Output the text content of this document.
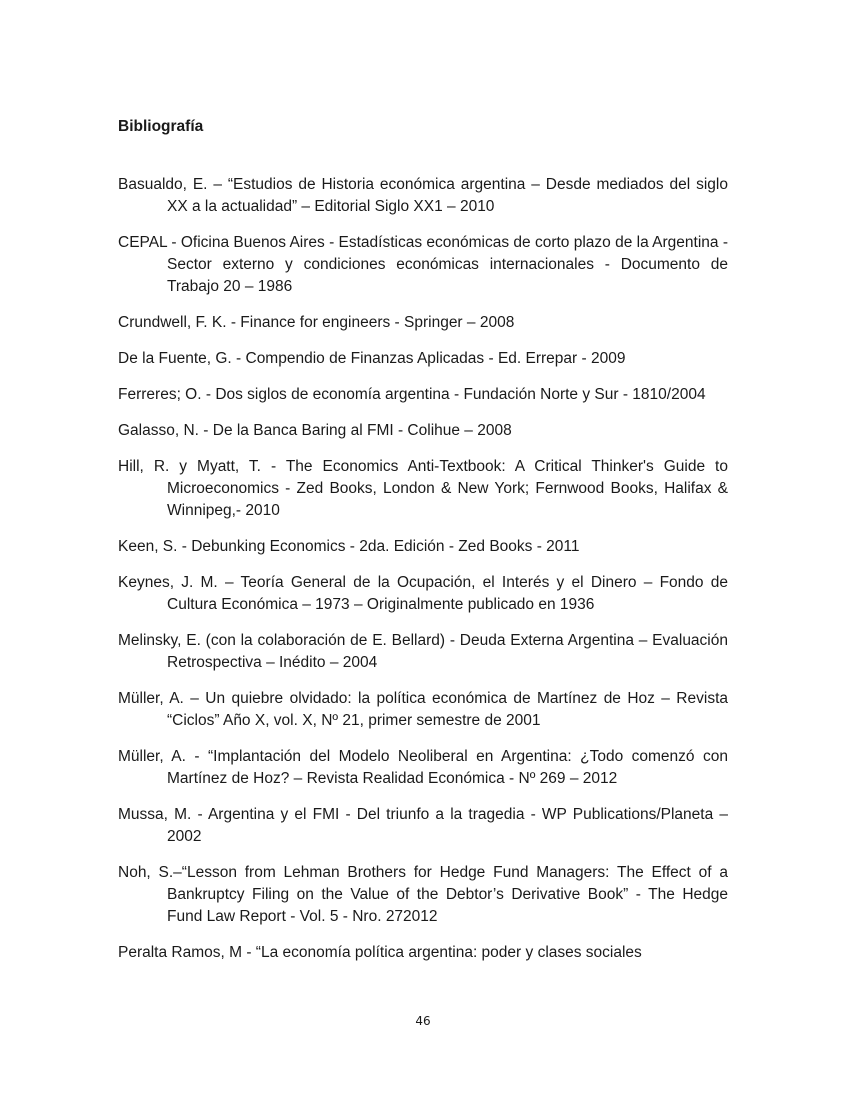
Bibliografía
Basualdo, E. – “Estudios de Historia económica argentina – Desde mediados del siglo XX a la actualidad” – Editorial Siglo XX1 – 2010
CEPAL - Oficina Buenos Aires - Estadísticas económicas de corto plazo de la Argentina - Sector externo y condiciones económicas internacionales - Documento de Trabajo 20 – 1986
Crundwell, F. K. - Finance for engineers - Springer – 2008
De la Fuente, G. - Compendio de Finanzas Aplicadas - Ed. Errepar - 2009
Ferreres; O. - Dos siglos de economía argentina - Fundación Norte y Sur - 1810/2004
Galasso, N. - De la Banca Baring al FMI - Colihue – 2008
Hill, R. y Myatt, T. - The Economics Anti-Textbook: A Critical Thinker's Guide to Microeconomics - Zed Books, London & New York; Fernwood Books, Halifax & Winnipeg,- 2010
Keen, S. - Debunking Economics - 2da. Edición - Zed Books - 2011
Keynes, J. M. – Teoría General de la Ocupación, el Interés y el Dinero – Fondo de Cultura Económica – 1973 – Originalmente publicado en 1936
Melinsky, E. (con la colaboración de E. Bellard) - Deuda Externa Argentina – Evaluación Retrospectiva – Inédito – 2004
Müller, A. – Un quiebre olvidado: la política económica de Martínez de Hoz – Revista “Ciclos” Año X, vol. X, Nº 21, primer semestre de 2001
Müller, A. - “Implantación del Modelo Neoliberal en Argentina: ¿Todo comenzó con Martínez de Hoz? – Revista Realidad Económica - Nº 269 – 2012
Mussa, M. - Argentina y el FMI - Del triunfo a la tragedia - WP Publications/Planeta – 2002
Noh, S.–“Lesson from Lehman Brothers for Hedge Fund Managers: The Effect of a Bankruptcy Filing on the Value of the Debtor’s Derivative Book” - The Hedge Fund Law Report - Vol. 5 - Nro. 272012
Peralta Ramos, M - “La economía política argentina: poder y clases sociales
46
